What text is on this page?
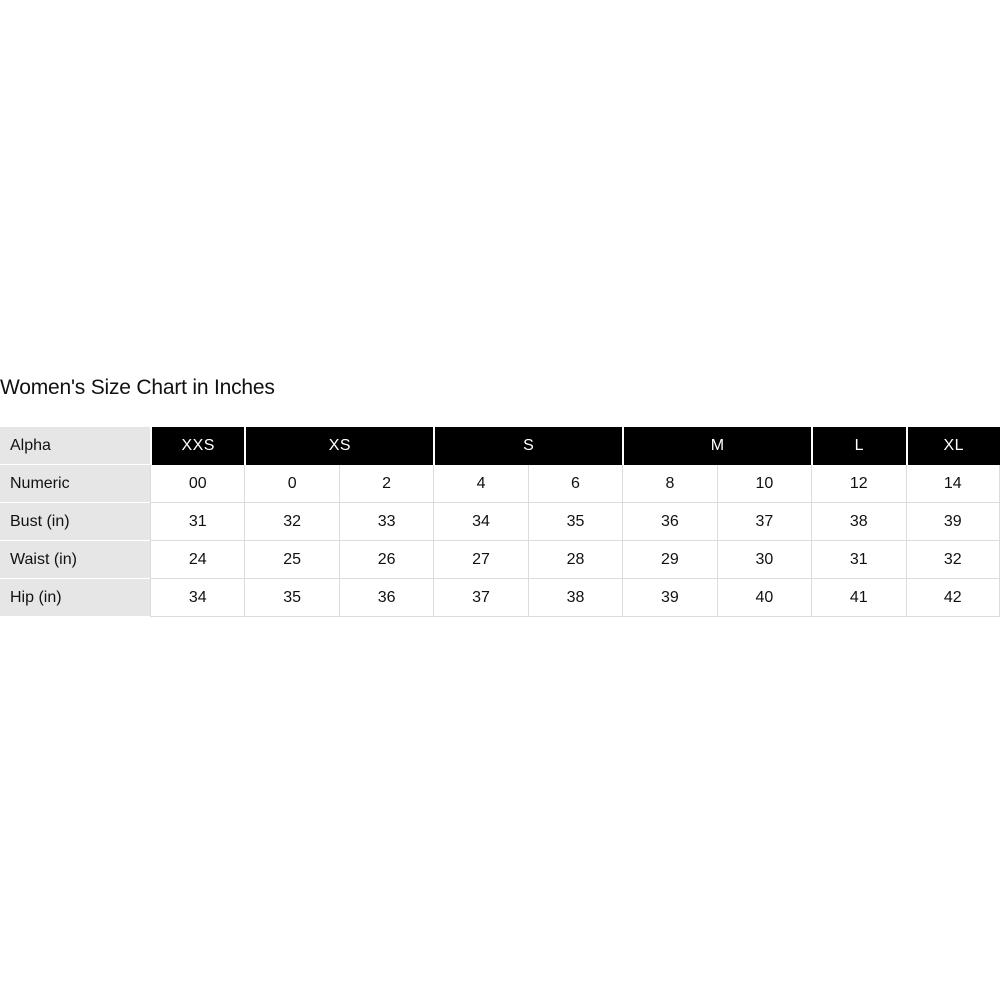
Women's Size Chart in Inches
Alpha	XXS	XS		S		M		L	XL
Numeric	00	0	2	4	6	8	10	12	14
Bust (in)	31	32	33	34	35	36	37	38	39
Waist (in)	24	25	26	27	28	29	30	31	32
Hip (in)	34	35	36	37	38	39	40	41	42
